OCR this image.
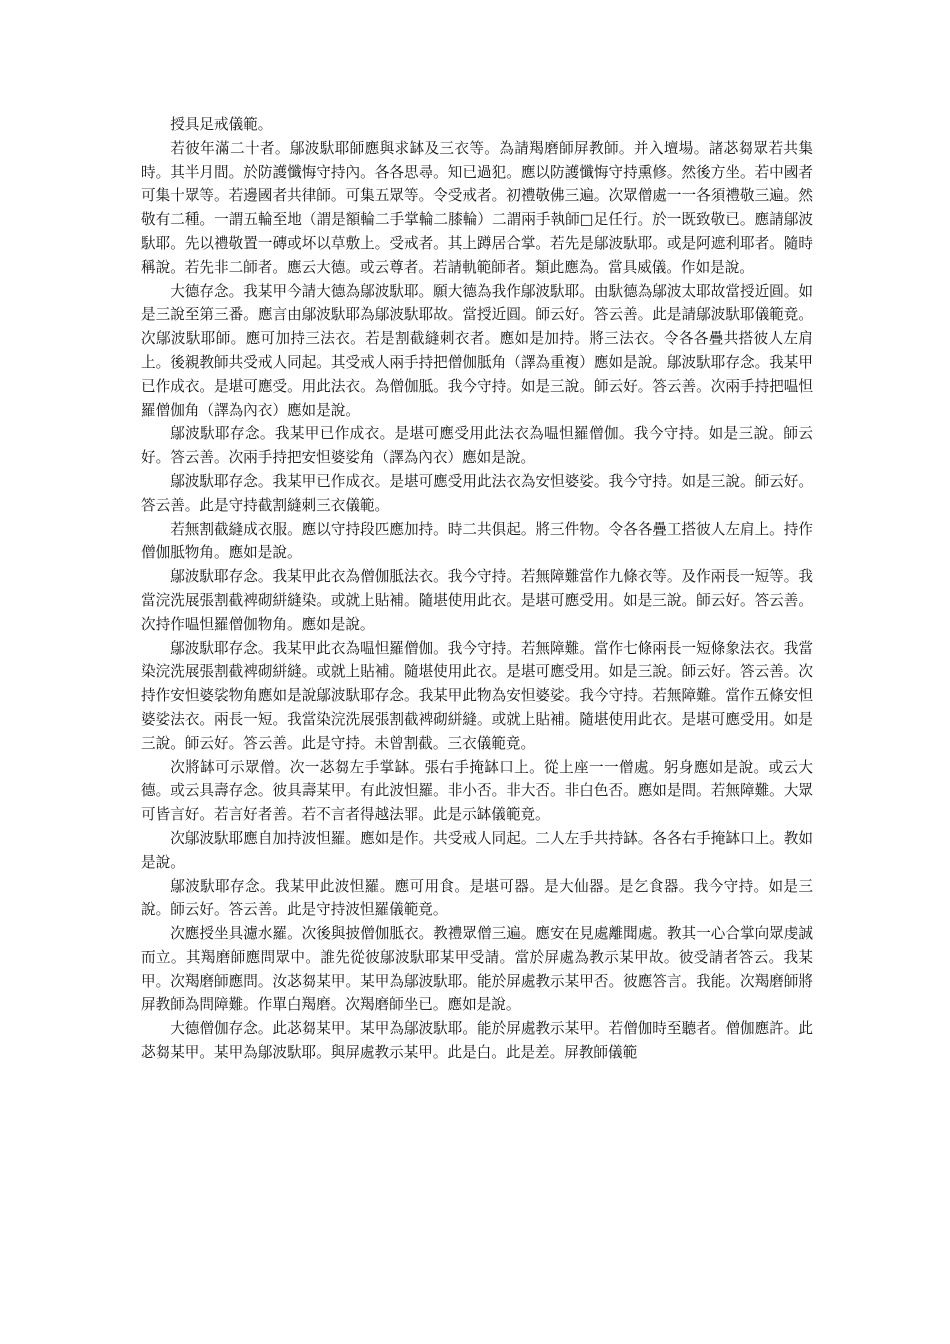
授具足戒儀範。

若彼年滿二十者。鄔波馱耶師應與求缽及三衣等。為請羯磨師屏教師。并入壇場。諸苾芻眾若共集時。其半月間。於防護懺悔守持內。各各思尋。知已過犯。應以防護懺悔守持熏修。然後方坐。若中國者可集十眾等。若邊國者共律師。可集五眾等。令受戒者。初禮敬佛三遍。次眾僧處一一各須禮敬三遍。然敬有二種。一謂五輪至地（謂是額輪二手掌輪二膝輪）二謂兩手執師□足任行。於一既致敬已。應請鄔波馱耶。先以禮敬置一磚或坏以草敷上。受戒者。其上蹲居合掌。若先是鄔波馱耶。或是阿遮利耶者。隨時稱說。若先非二師者。應云大德。或云尊者。若請軌範師者。類此應為。當具威儀。作如是說。

大德存念。我某甲今請大德為鄔波馱耶。願大德為我作鄔波馱耶。由馱德為鄔波太耶故當授近圓。如是三說至第三番。應言由鄔波馱耶為鄔波馱耶故。當授近圓。師云好。答云善。此是請鄔波馱耶儀範竟。次鄔波馱耶師。應可加持三法衣。若是割截縫刺衣者。應如是加持。將三法衣。令各各疊共搭彼人左肩上。後親教師共受戒人同起。其受戒人兩手持把僧伽胝角（譯為重複）應如是說。鄔波馱耶存念。我某甲已作成衣。是堪可應受。用此法衣。為僧伽胝。我今守持。如是三說。師云好。答云善。次兩手持把嗢怛羅僧伽角（譯為內衣）應如是說。

鄔波馱耶存念。我某甲已作成衣。是堪可應受用此法衣為嗢怛羅僧伽。我今守持。如是三說。師云好。答云善。次兩手持把安怛婆娑角（譯為內衣）應如是說。

鄔波馱耶存念。我某甲已作成衣。是堪可應受用此法衣為安怛婆娑。我今守持。如是三說。師云好。答云善。此是守持截割縫刺三衣儀範。

若無割截縫成衣服。應以守持段匹應加持。時二共俱起。將三件物。令各各疊工搭彼人左肩上。持作僧伽胝物角。應如是說。

鄔波馱耶存念。我某甲此衣為僧伽胝法衣。我今守持。若無障難當作九條衣等。及作兩長一短等。我當浣洗展張割截裨砌絣縫染。或就上貼補。隨堪使用此衣。是堪可應受用。如是三說。師云好。答云善。次持作嗢怛羅僧伽物角。應如是說。

鄔波馱耶存念。我某甲此衣為嗢怛羅僧伽。我今守持。若無障難。當作七條兩長一短條象法衣。我當染浣洗展張割截裨砌絣縫。或就上貼補。隨堪使用此衣。是堪可應受用。如是三說。師云好。答云善。次持作安怛婆裟物角應如是說鄔波馱耶存念。我某甲此物為安怛婆娑。我今守持。若無障難。當作五條安怛婆娑法衣。兩長一短。我當染浣洗展張割截裨砌絣縫。或就上貼補。隨堪使用此衣。是堪可應受用。如是三說。師云好。答云善。此是守持。未曾割截。三衣儀範竟。

次將缽可示眾僧。次一苾芻左手掌缽。張右手掩缽口上。從上座一一僧處。躬身應如是說。或云大德。或云具壽存念。彼具壽某甲。有此波怛羅。非小否。非大否。非白色否。應如是問。若無障難。大眾可皆言好。若言好者善。若不言者得越法罪。此是示缽儀範竟。

次鄔波馱耶應自加持波怛羅。應如是作。共受戒人同起。二人左手共持缽。各各右手掩缽口上。教如是說。

鄔波馱耶存念。我某甲此波怛羅。應可用食。是堪可器。是大仙器。是乞食器。我今守持。如是三說。師云好。答云善。此是守持波怛羅儀範竟。

次應授坐具濾水羅。次後與披僧伽胝衣。教禮眾僧三遍。應安在見處離聞處。教其一心合掌向眾虔誠而立。其羯磨師應問眾中。誰先從彼鄔波馱耶某甲受請。當於屏處為教示某甲故。彼受請者答云。我某甲。次羯磨師應問。汝苾芻某甲。某甲為鄔波馱耶。能於屏處教示某甲否。彼應答言。我能。次羯磨師將屏教師為問障難。作單白羯磨。次羯磨師坐已。應如是說。

大德僧伽存念。此苾芻某甲。某甲為鄔波馱耶。能於屏處教示某甲。若僧伽時至聽者。僧伽應許。此苾芻某甲。某甲為鄔波馱耶。與屏處教示某甲。此是白。此是差。屏教師儀範
